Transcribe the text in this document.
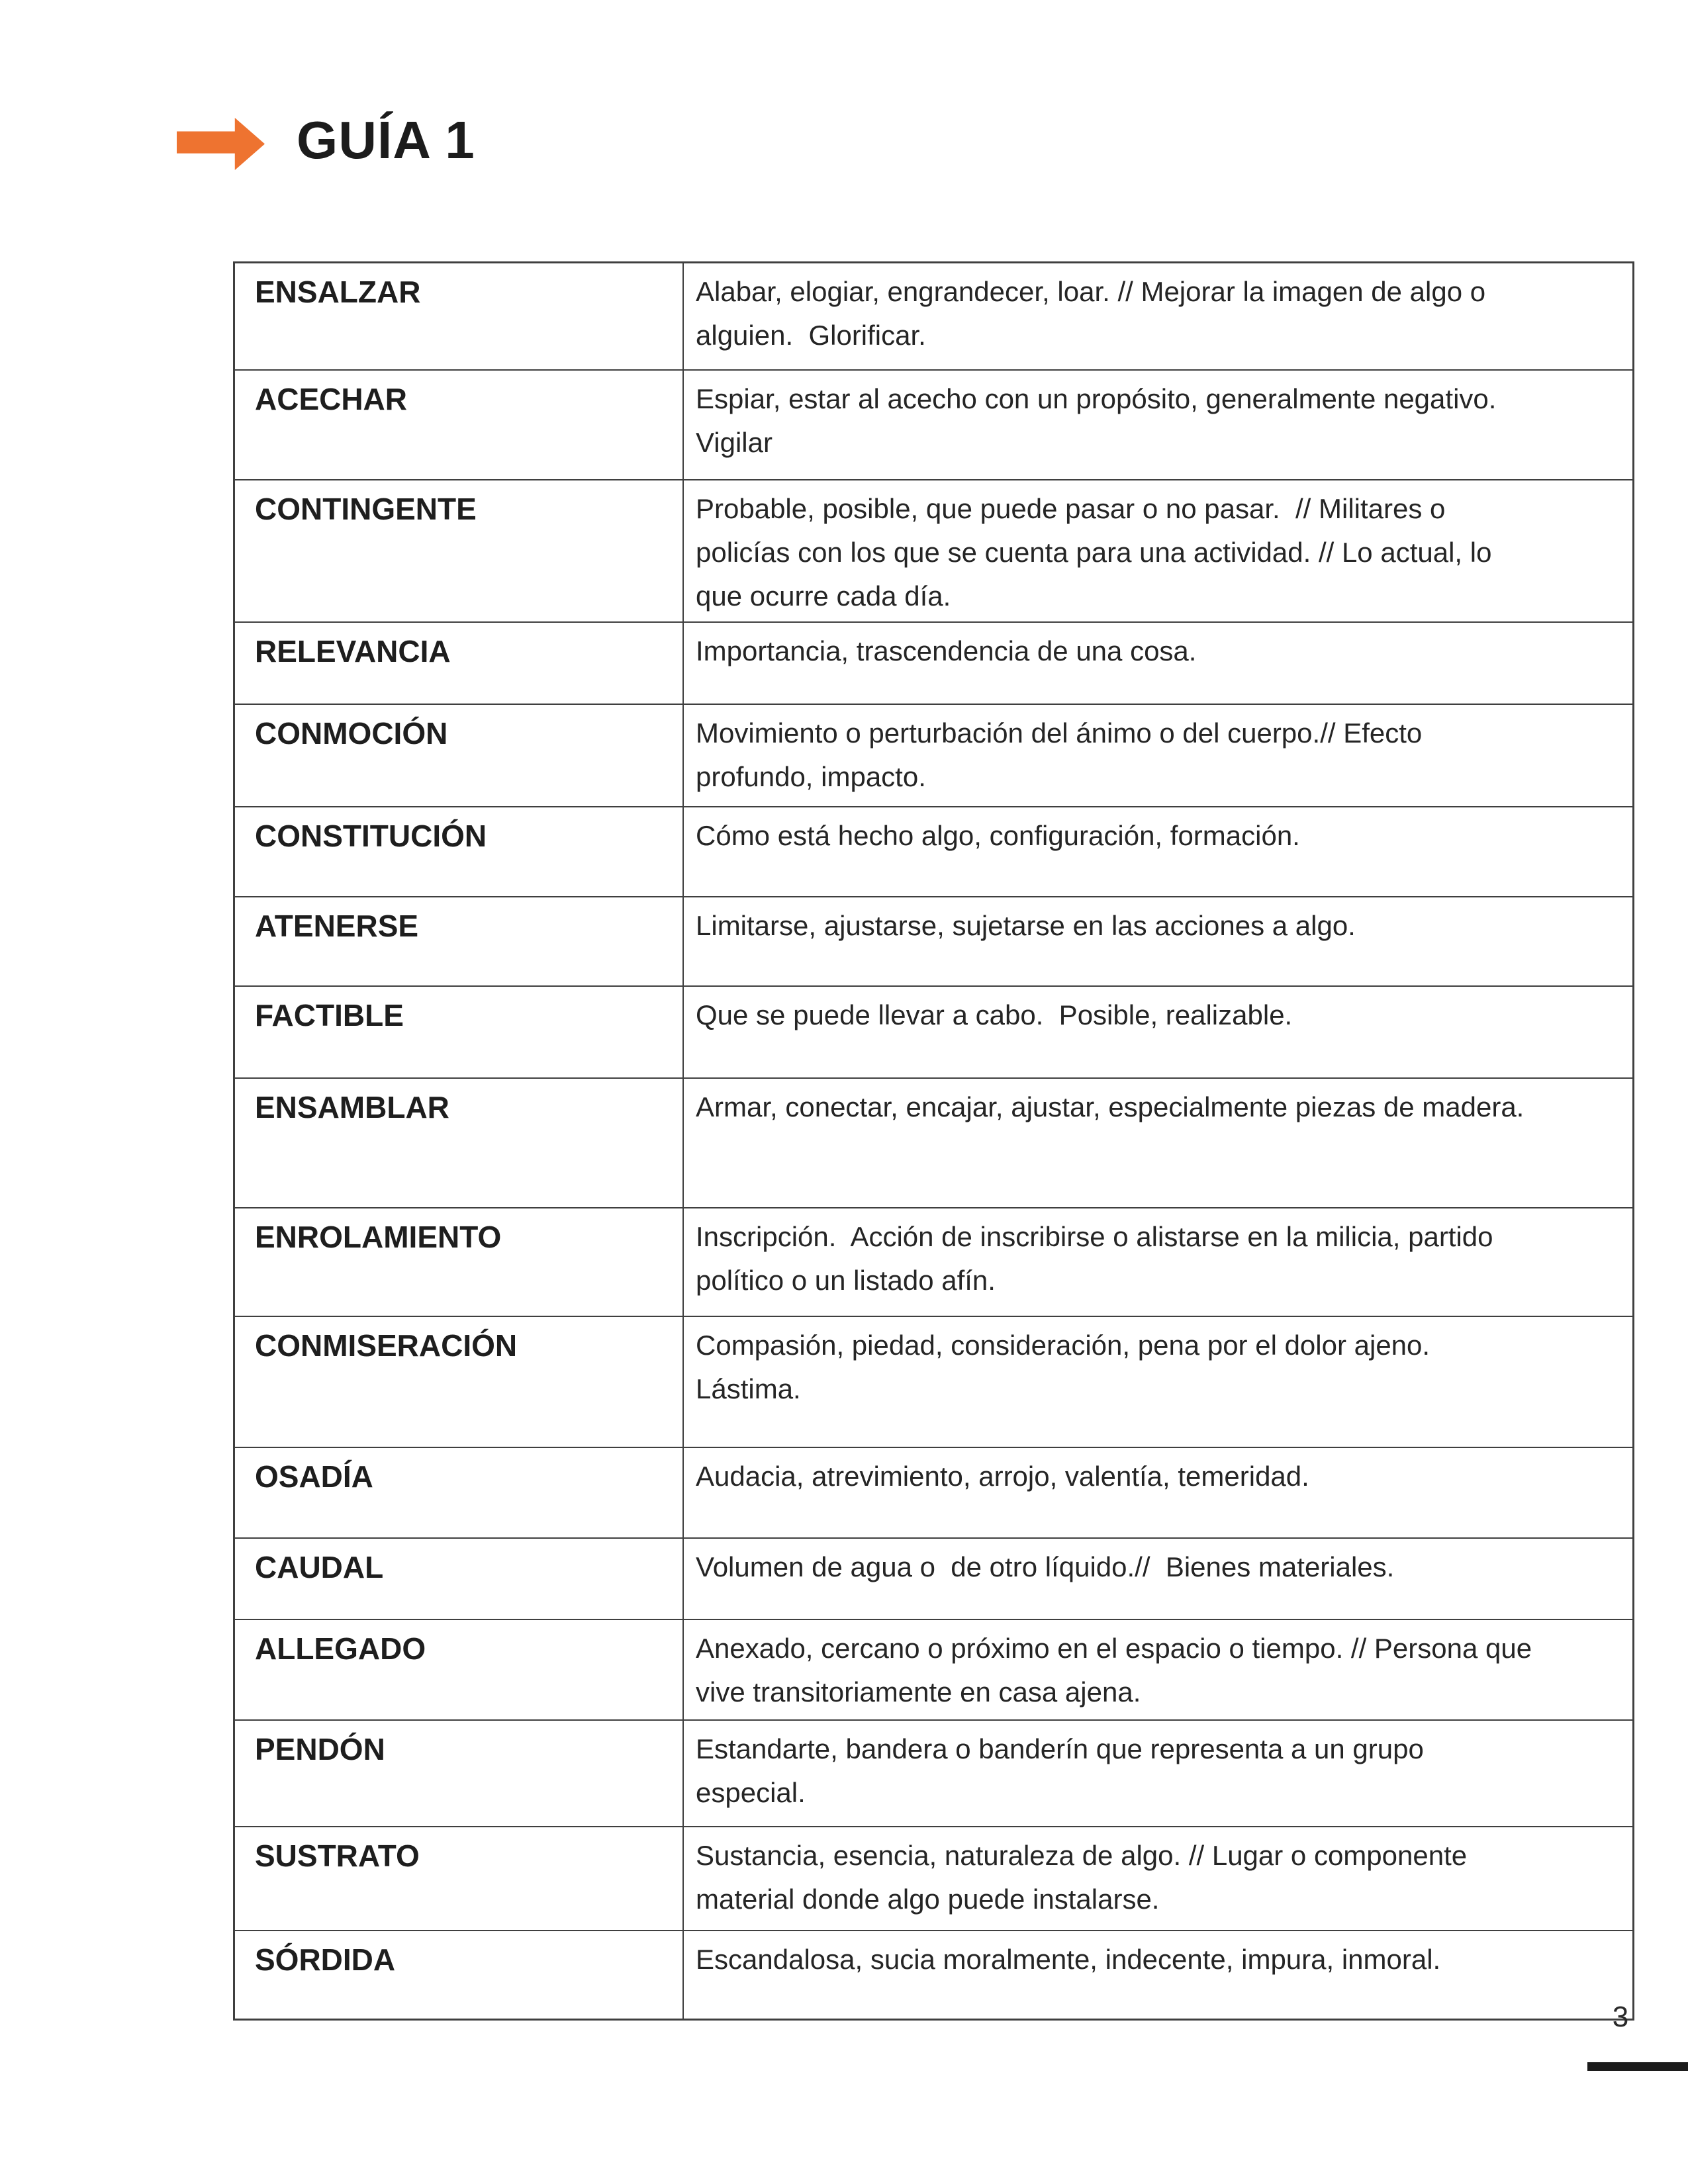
GUÍA 1
ENSALZAR	Alabar, elogiar, engrandecer, loar. // Mejorar la imagen de algo o alguien.  Glorificar.
ACECHAR	Espiar, estar al acecho con un propósito, generalmente negativo. Vigilar
CONTINGENTE	Probable, posible, que puede pasar o no pasar.  // Militares o policías con los que se cuenta para una actividad. // Lo actual, lo que ocurre cada día.
RELEVANCIA	Importancia, trascendencia de una cosa.
CONMOCIÓN	Movimiento o perturbación del ánimo o del cuerpo.// Efecto profundo, impacto.
CONSTITUCIÓN	Cómo está hecho algo, configuración, formación.
ATENERSE	Limitarse, ajustarse, sujetarse en las acciones a algo.
FACTIBLE	Que se puede llevar a cabo.  Posible, realizable.
ENSAMBLAR	Armar, conectar, encajar, ajustar, especialmente piezas de madera.
ENROLAMIENTO	Inscripción.  Acción de inscribirse o alistarse en la milicia, partido político o un listado afín.
CONMISERACIÓN	Compasión, piedad, consideración, pena por el dolor ajeno. Lástima.
OSADÍA	Audacia, atrevimiento, arrojo, valentía, temeridad.
CAUDAL	Volumen de agua o  de otro líquido.//  Bienes materiales.
ALLEGADO	Anexado, cercano o próximo en el espacio o tiempo. // Persona que vive transitoriamente en casa ajena.
PENDÓN	Estandarte, bandera o banderín que representa a un grupo especial.
SUSTRATO	Sustancia, esencia, naturaleza de algo. // Lugar o componente material donde algo puede instalarse.
SÓRDIDA	Escandalosa, sucia moralmente, indecente, impura, inmoral.
3
